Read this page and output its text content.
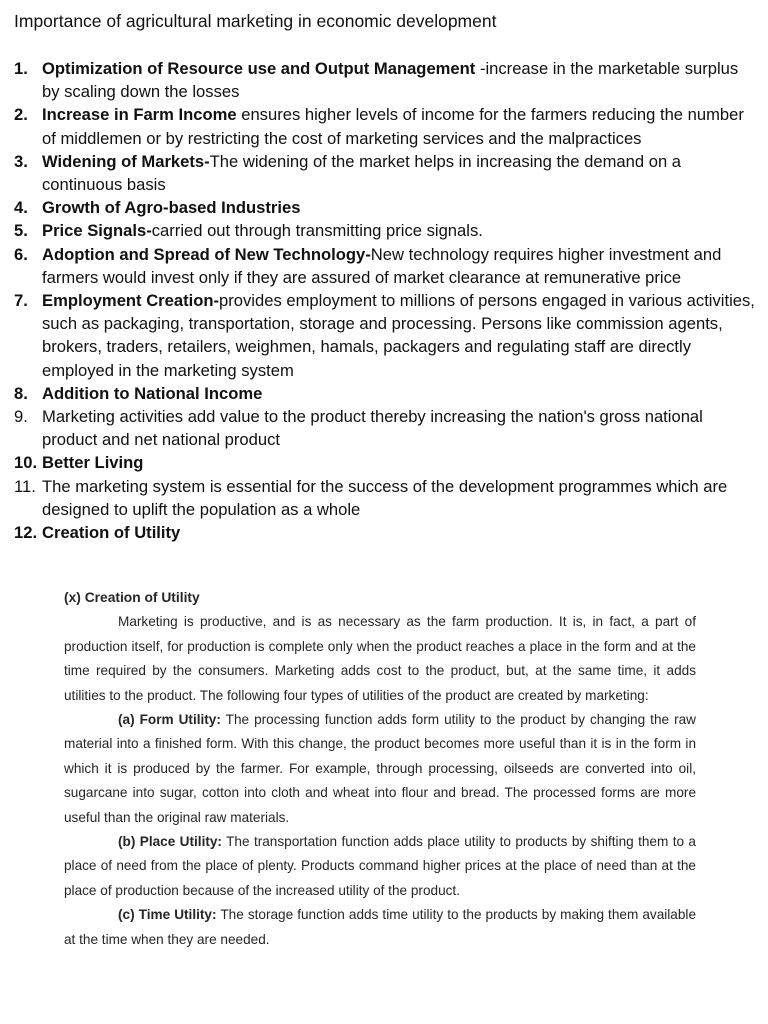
Importance of agricultural marketing in economic development
1. Optimization of Resource use and Output Management -increase in the marketable surplus by scaling down the losses
2. Increase in Farm Income ensures higher levels of income for the farmers reducing the number of middlemen or by restricting the cost of marketing services and the malpractices
3. Widening of Markets-The widening of the market helps in increasing the demand on a continuous basis
4. Growth of Agro-based Industries
5. Price Signals-carried out through transmitting price signals.
6. Adoption and Spread of New Technology-New technology requires higher investment and farmers would invest only if they are assured of market clearance at remunerative price
7. Employment Creation-provides employment to millions of persons engaged in various activities, such as packaging, transportation, storage and processing. Persons like commission agents, brokers, traders, retailers, weighmen, hamals, packagers and regulating staff are directly employed in the marketing system
8. Addition to National Income
9. Marketing activities add value to the product thereby increasing the nation's gross national product and net national product
10. Better Living
11. The marketing system is essential for the success of the development programmes which are designed to uplift the population as a whole
12. Creation of Utility

(x) Creation of Utility

Marketing is productive, and is as necessary as the farm production. It is, in fact, a part of production itself, for production is complete only when the product reaches a place in the form and at the time required by the consumers. Marketing adds cost to the product, but, at the same time, it adds utilities to the product. The following four types of utilities of the product are created by marketing:

(a) Form Utility: The processing function adds form utility to the product by changing the raw material into a finished form. With this change, the product becomes more useful than it is in the form in which it is produced by the farmer. For example, through processing, oilseeds are converted into oil, sugarcane into sugar, cotton into cloth and wheat into flour and bread. The processed forms are more useful than the original raw materials.

(b) Place Utility: The transportation function adds place utility to products by shifting them to a place of need from the place of plenty. Products command higher prices at the place of need than at the place of production because of the increased utility of the product.

(c) Time Utility: The storage function adds time utility to the products by making them available at the time when they are needed.
